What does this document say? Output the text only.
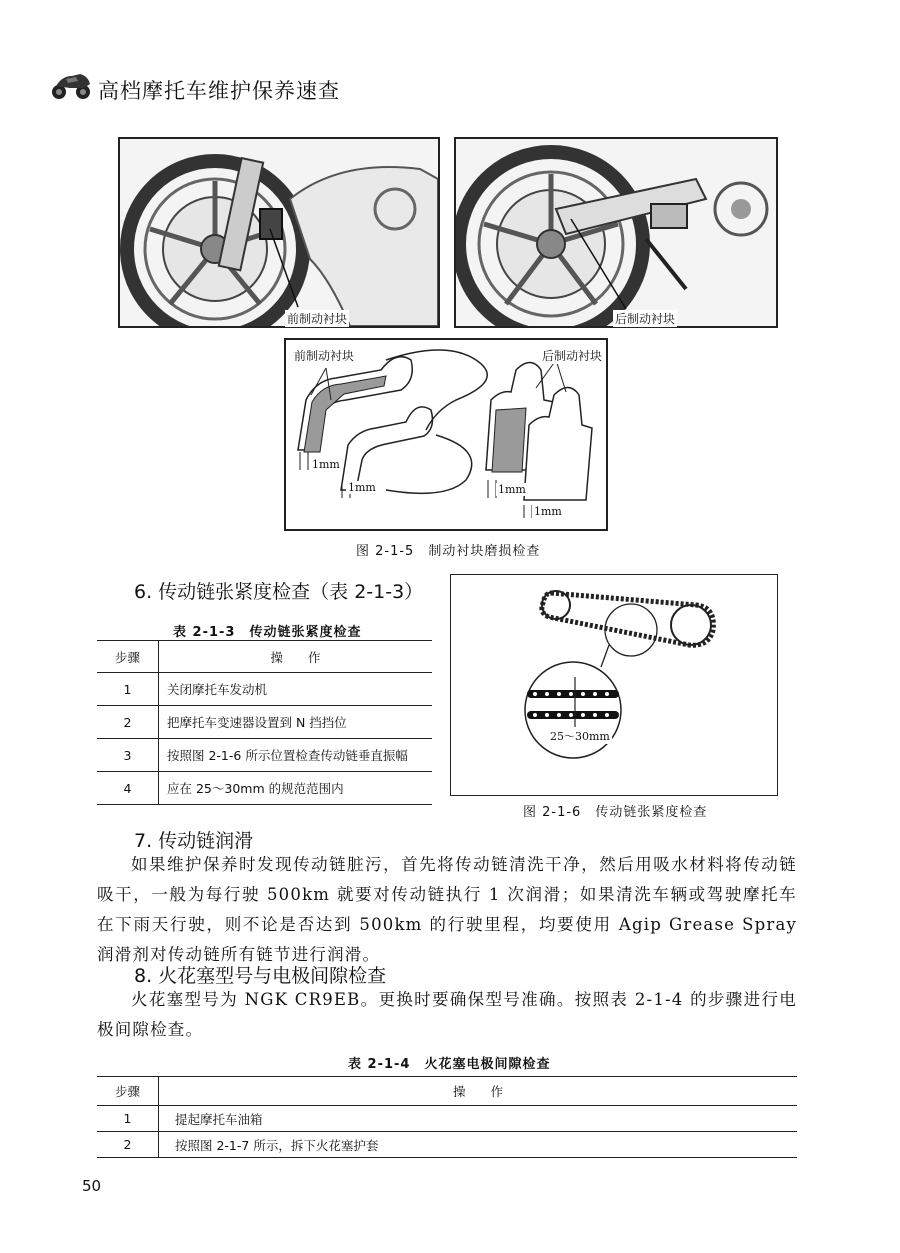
高档摩托车维护保养速查
前制动衬块	后制动衬块
前制动衬块	后制动衬块
1mm
1mm	1mm
1mm
图 2-1-5　制动衬块磨损检查
6. 传动链张紧度检查（表 2-1-3）
表 2-1-3　传动链张紧度检查
步骤	操　　作
1	关闭摩托车发动机
2	把摩托车变速器设置到 N 挡挡位
3	按照图 2-1-6 所示位置检查传动链垂直振幅
4	应在 25～30mm 的规范范围内
25～30mm
图 2-1-6　传动链张紧度检查
7. 传动链润滑
如果维护保养时发现传动链脏污，首先将传动链清洗干净，然后用吸水材料将传动链吸干，一般为每行驶 500km 就要对传动链执行 1 次润滑；如果清洗车辆或驾驶摩托车在下雨天行驶，则不论是否达到 500km 的行驶里程，均要使用 Agip Grease Spray 润滑剂对传动链所有链节进行润滑。
8. 火花塞型号与电极间隙检查
火花塞型号为 NGK CR9EB。更换时要确保型号准确。按照表 2-1-4 的步骤进行电极间隙检查。
表 2-1-4　火花塞电极间隙检查
步骤	操　　作
1	提起摩托车油箱
2	按照图 2-1-7 所示，拆下火花塞护套
50
